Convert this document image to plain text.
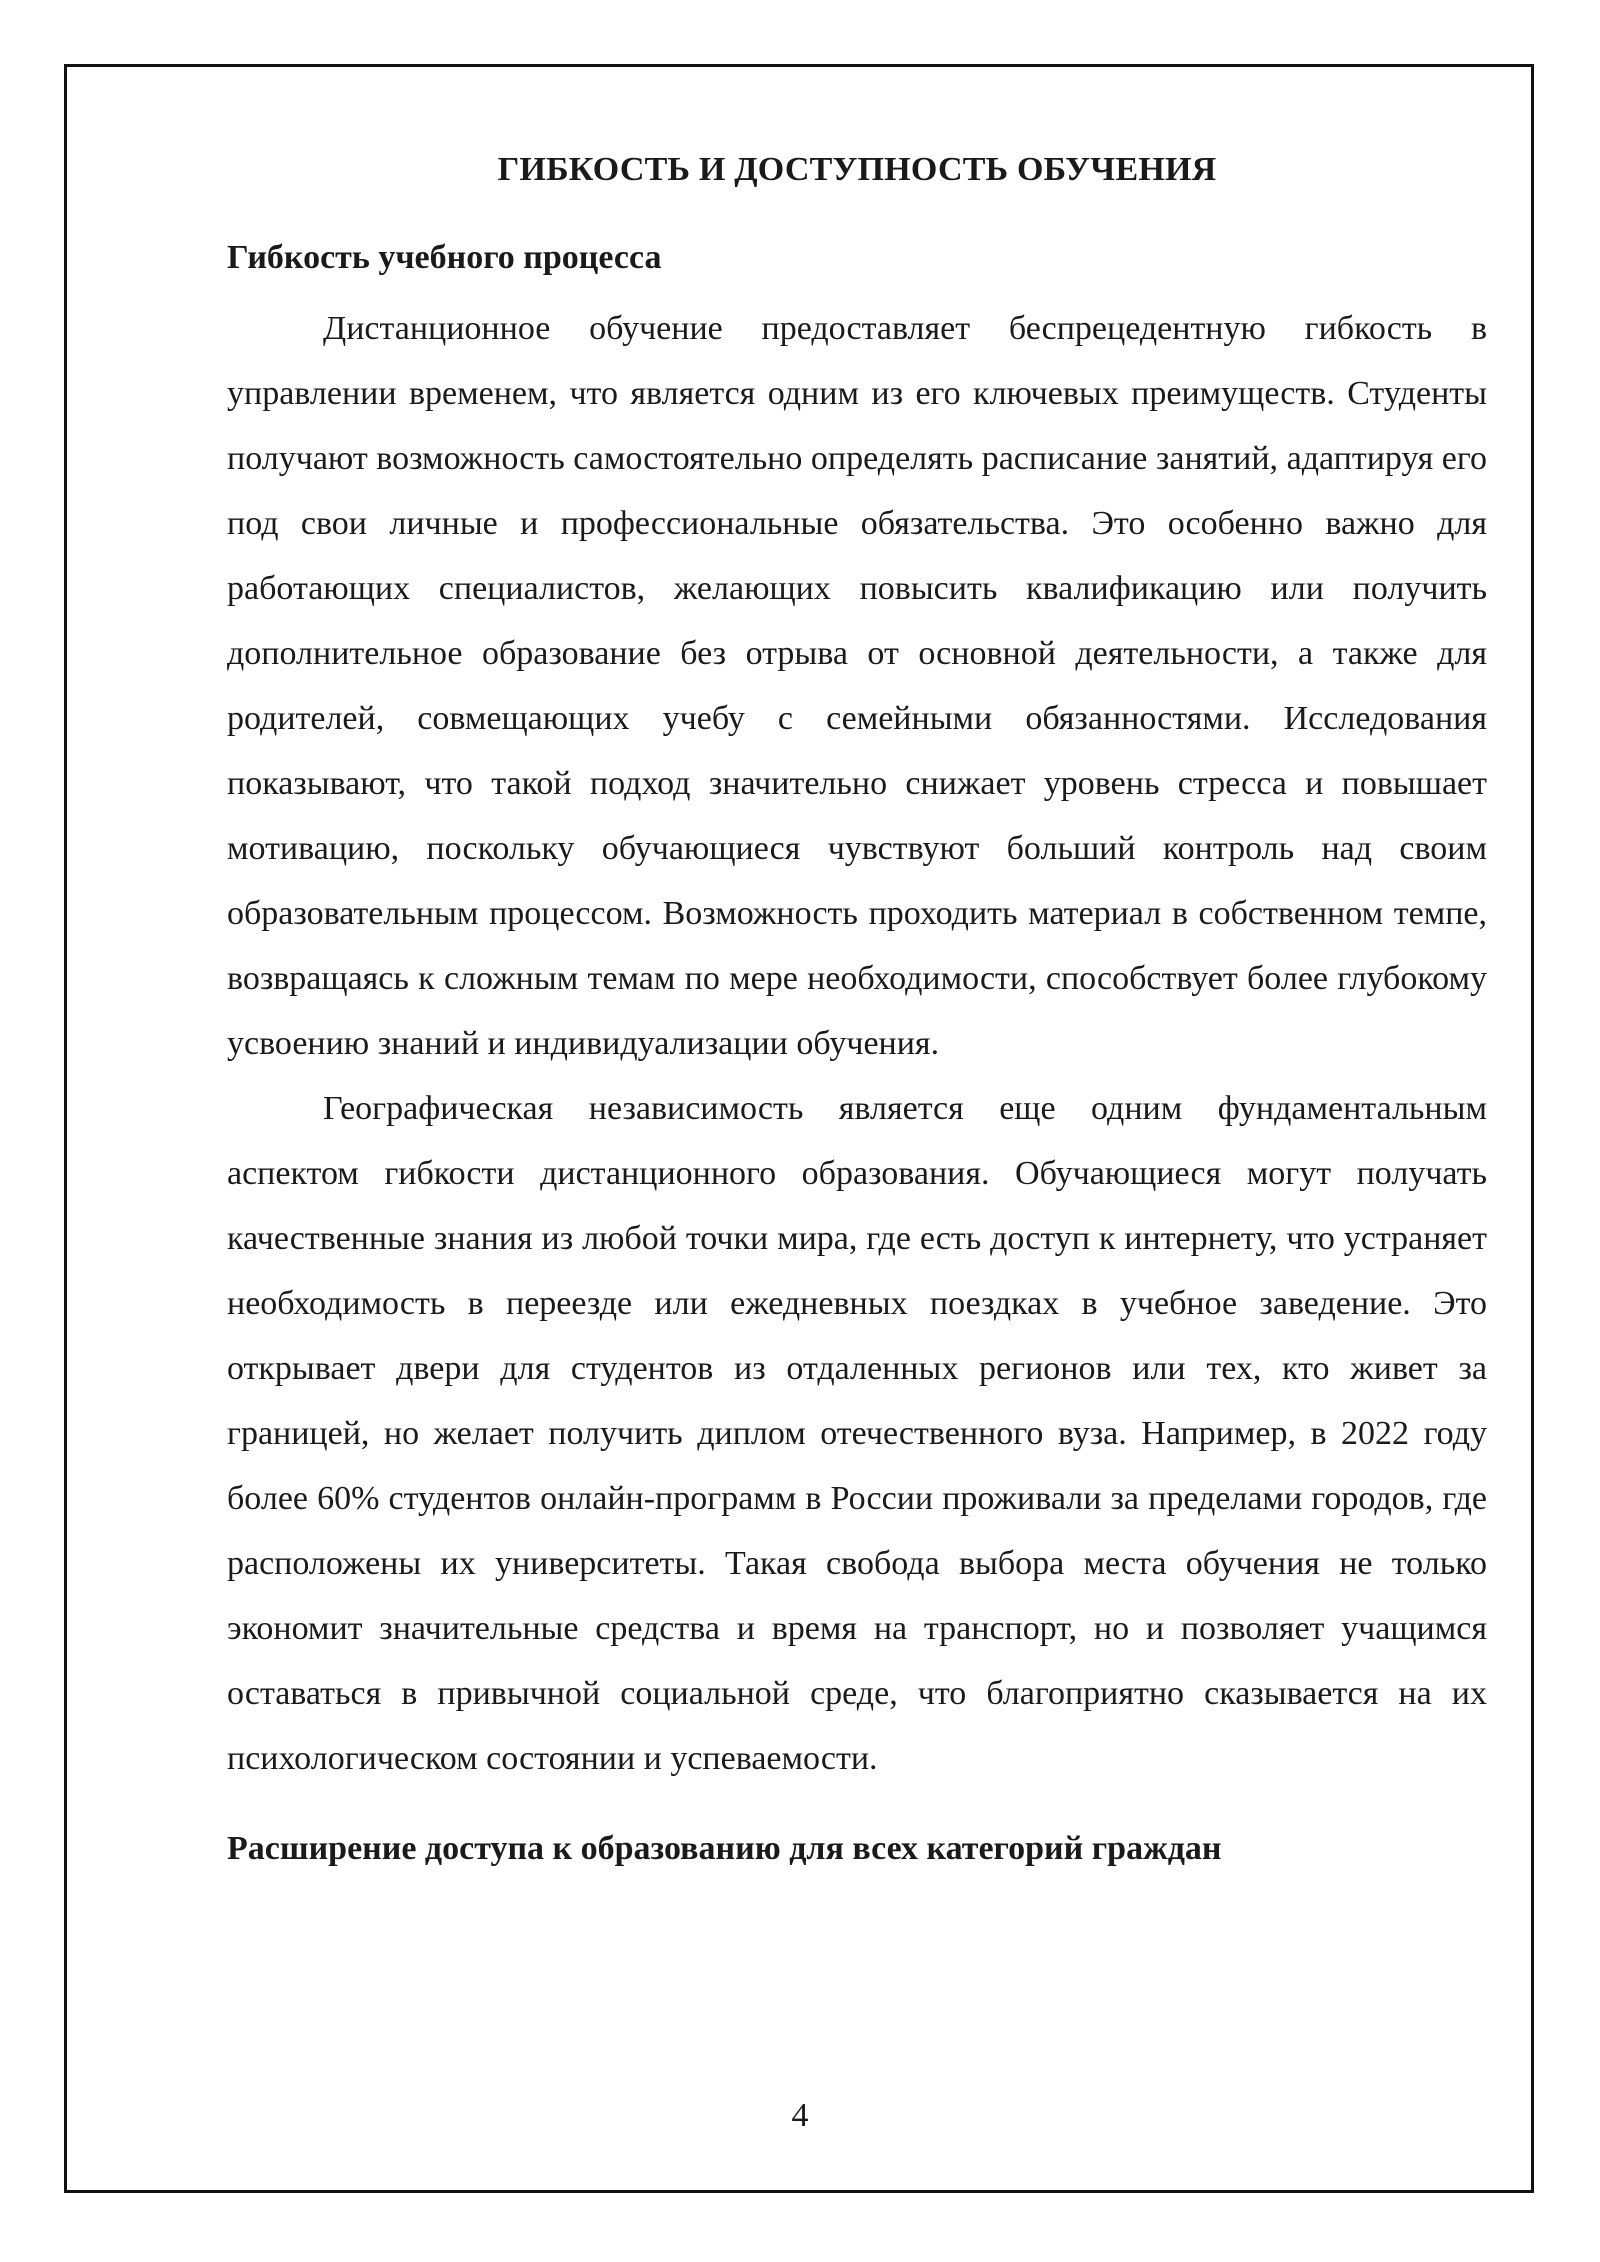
ГИБКОСТЬ И ДОСТУПНОСТЬ ОБУЧЕНИЯ
Гибкость учебного процесса

Дистанционное обучение предоставляет беспрецедентную гибкость в управлении временем, что является одним из его ключевых преимуществ. Студенты получают возможность самостоятельно определять расписание занятий, адаптируя его под свои личные и профессиональные обязательства. Это особенно важно для работающих специалистов, желающих повысить квалификацию или получить дополнительное образование без отрыва от основной деятельности, а также для родителей, совмещающих учебу с семейными обязанностями. Исследования показывают, что такой подход значительно снижает уровень стресса и повышает мотивацию, поскольку обучающиеся чувствуют больший контроль над своим образовательным процессом. Возможность проходить материал в собственном темпе, возвращаясь к сложным темам по мере необходимости, способствует более глубокому усвоению знаний и индивидуализации обучения.

Географическая независимость является еще одним фундаментальным аспектом гибкости дистанционного образования. Обучающиеся могут получать качественные знания из любой точки мира, где есть доступ к интернету, что устраняет необходимость в переезде или ежедневных поездках в учебное заведение. Это открывает двери для студентов из отдаленных регионов или тех, кто живет за границей, но желает получить диплом отечественного вуза. Например, в 2022 году более 60% студентов онлайн-программ в России проживали за пределами городов, где расположены их университеты. Такая свобода выбора места обучения не только экономит значительные средства и время на транспорт, но и позволяет учащимся оставаться в привычной социальной среде, что благоприятно сказывается на их психологическом состоянии и успеваемости.

Расширение доступа к образованию для всех категорий граждан
4
